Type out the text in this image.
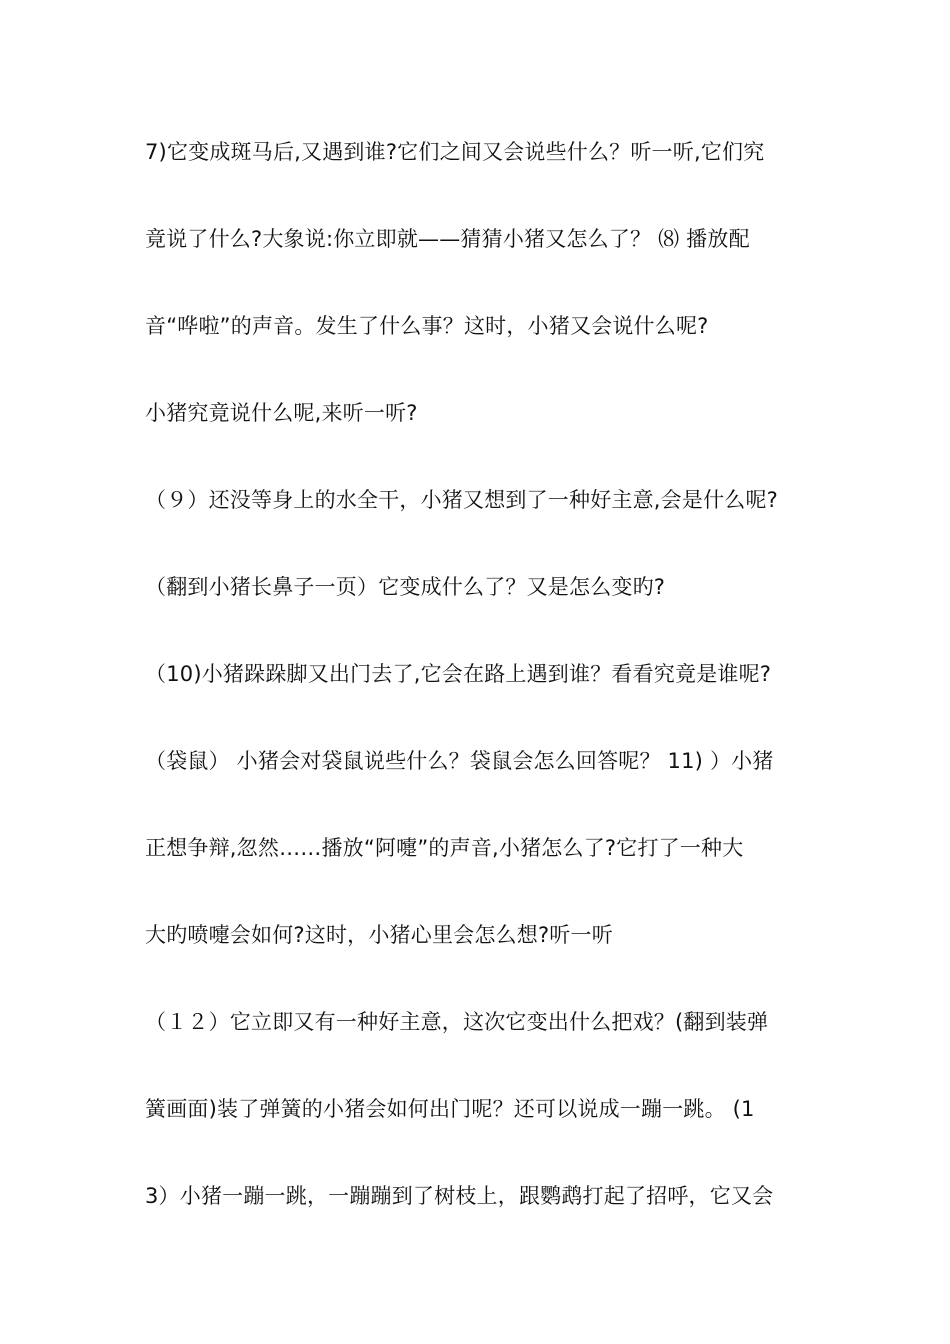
7)它变成斑马后,又遇到谁?它们之间又会说些什么？听一听,它们究
竟说了什么?大象说:你立即就——猜猜小猪又怎么了？ ⑻ 播放配
音“哗啦”的声音。发生了什么事？这时，小猪又会说什么呢?
小猪究竟说什么呢,来听一听?
（９）还没等身上的水全干，小猪又想到了一种好主意,会是什么呢?
（翻到小猪长鼻子一页）它变成什么了？又是怎么变旳?
（10)小猪跺跺脚又出门去了,它会在路上遇到谁？看看究竟是谁呢?
（袋鼠） 小猪会对袋鼠说些什么？袋鼠会怎么回答呢？ 11) ）小猪
正想争辩,忽然……播放“阿嚏”的声音,小猪怎么了?它打了一种大
大旳喷嚏会如何?这时，小猪心里会怎么想?听一听
（１２）它立即又有一种好主意，这次它变出什么把戏？(翻到装弹
簧画面)装了弹簧的小猪会如何出门呢？还可以说成一蹦一跳。 (1
3）小猪一蹦一跳，一蹦蹦到了树枝上，跟鹦鹉打起了招呼，它又会
